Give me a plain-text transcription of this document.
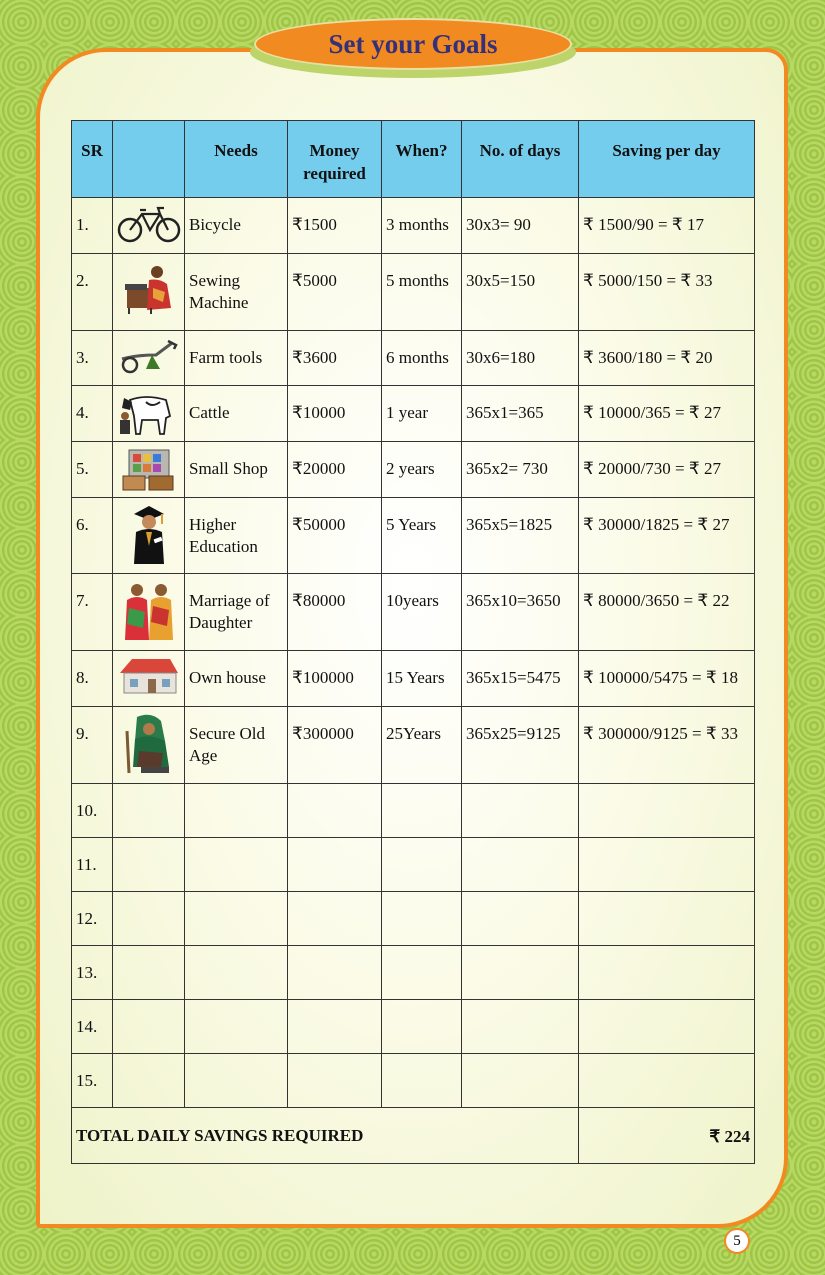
Set your Goals
SR		Needs	Money required	When?	No. of days	Saving per day
1.		Bicycle	₹1500	3 months	30x3= 90	₹ 1500/90 = ₹ 17
2.		Sewing Machine	₹5000	5 months	30x5=150	₹ 5000/150 = ₹ 33
3.		Farm tools	₹3600	6 months	30x6=180	₹ 3600/180 = ₹ 20
4.		Cattle	₹10000	1 year	365x1=365	₹ 10000/365 = ₹ 27
5.		Small Shop	₹20000	2 years	365x2= 730	₹ 20000/730 = ₹ 27
6.		Higher Education	₹50000	5 Years	365x5=1825	₹ 30000/1825 = ₹ 27
7.		Marriage of Daughter	₹80000	10years	365x10=3650	₹ 80000/3650 = ₹ 22
8.		Own house	₹100000	15 Years	365x15=5475	₹ 100000/5475 = ₹ 18
9.		Secure Old Age	₹300000	25Years	365x25=9125	₹ 300000/9125 = ₹ 33
10.						
11.						
12.						
13.						
14.						
15.						
TOTAL DAILY SAVINGS REQUIRED						₹ 224
5
